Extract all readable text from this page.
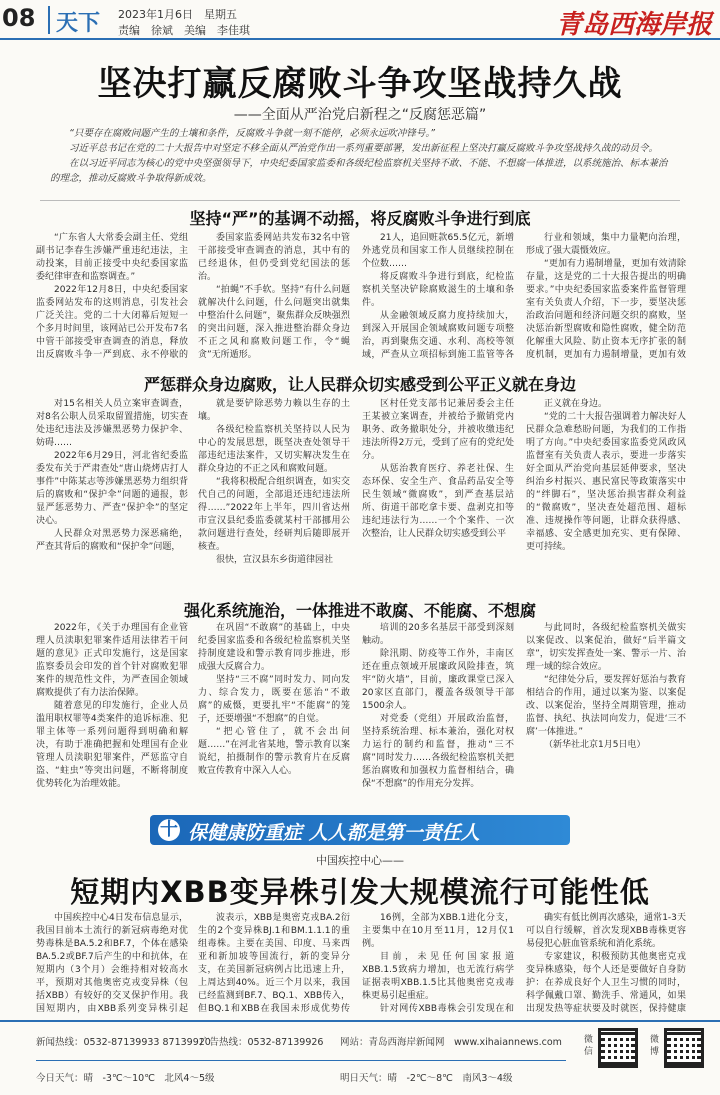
08 天下 2023年1月6日　星期五
责编　徐斌　美编　李佳琪	青岛西海岸报
坚决打赢反腐败斗争攻坚战持久战
——全面从严治党启新程之“反腐惩恶篇”

“只要存在腐败问题产生的土壤和条件，反腐败斗争就一刻不能停，必须永远吹冲锋号。”

习近平总书记在党的二十大报告中对坚定不移全面从严治党作出一系列重要部署，发出新征程上坚决打赢反腐败斗争攻坚战持久战的动员令。

在以习近平同志为核心的党中央坚强领导下，中央纪委国家监委和各级纪检监察机关坚持不敢、不能、不想腐一体推进，以系统施治、标本兼治的理念，推动反腐败斗争取得新成效。

坚持“严”的基调不动摇，将反腐败斗争进行到底

“广东省人大常委会副主任、党组副书记李春生涉嫌严重违纪违法，主动投案，目前正接受中央纪委国家监委纪律审查和监察调查。”

2022年12月8日，中央纪委国家监委网站发布的这则消息，引发社会广泛关注。党的二十大闭幕后短短一个多月时间里，该网站已公开发布7名中管干部接受审查调查的消息，释放出反腐败斗争一严到底、永不停歇的

委国家监委网站共发布32名中管干部接受审查调查的消息，其中有的已经退休，但仍受到党纪国法的惩治。

“拍蝇”不手软。坚持“有什么问题就解决什么问题，什么问题突出就集中整治什么问题”，聚焦群众反映强烈的突出问题，深入推进整治群众身边不正之风和腐败问题工作，令“蝇贪”无所遁形。

21人，追回赃款65.5亿元，新增外逃党员和国家工作人员继续控制在个位数……

将反腐败斗争进行到底，纪检监察机关坚决铲除腐败滋生的土壤和条件。

从金融领域反腐力度持续加大，到深入开展国企领域腐败问题专项整治，再到聚焦交通、水利、高校等领域，严查从立项招标到施工监管等各

行业和领域，集中力量靶向治理，形成了强大震慑效应。

“更加有力遏制增量，更加有效清除存量，这是党的二十大报告提出的明确要求。”中央纪委国家监委案件监督管理室有关负责人介绍，下一步，要坚决惩治政治问题和经济问题交织的腐败，坚决惩治新型腐败和隐性腐败，健全防范化解重大风险、防止资本无序扩张的制度机制，更加有力遏制增量，更加有效

严惩群众身边腐败，让人民群众切实感受到公平正义就在身边

对15名相关人员立案审查调查，对8名公职人员采取留置措施，切实查处违纪违法及涉嫌黑恶势力保护伞、妨碍……

2022年6月29日，河北省纪委监委发布关于严肃查处“唐山烧烤店打人事件”中陈某志等涉嫌黑恶势力组织背后的腐败和“保护伞”问题的通报，彰显严惩恶势力、严查“保护伞”的坚定决心。

人民群众对黑恶势力深恶痛绝，严查其背后的腐败和“保护伞”问题，

就是要铲除恶势力赖以生存的土壤。

各级纪检监察机关坚持以人民为中心的发展思想，既坚决查处领导干部违纪违法案件，又切实解决发生在群众身边的不正之风和腐败问题。

“我将积极配合组织调查，如实交代自己的问题，全部退还违纪违法所得……”2022年上半年，四川省达州市宣汉县纪委监委就某村干部挪用公款问题进行查处，经研判后随即展开核查。

很快，宣汉县东乡街道律园社

区村任党支部书记兼居委会主任王某被立案调查，并被给予撤销党内职务、政务撤职处分，并被收缴违纪违法所得2万元，受到了应有的党纪处分。

从惩治教育医疗、养老社保、生态环保、安全生产、食品药品安全等民生领域“微腐败”，到严查基层站所、街道干部吃拿卡要、盘剥克扣等违纪违法行为……一个个案件、一次次整治，让人民群众切实感受到公平

正义就在身边。

“党的二十大报告强调着力解决好人民群众急难愁盼问题，为我们的工作指明了方向。”中央纪委国家监委党风政风监督室有关负责人表示，要进一步落实好全面从严治党向基层延伸要求，坚决纠治乡村振兴、惠民富民等政策落实中的“绊脚石”，坚决惩治损害群众利益的“微腐败”，坚决查处超范围、超标准、违规操作等问题，让群众获得感、幸福感、安全感更加充实、更有保障、更可持续。

强化系统施治，一体推进不敢腐、不能腐、不想腐

2022年，《关于办理国有企业管理人员渎职犯罪案件适用法律若干问题的意见》正式印发施行，这是国家监察委员会印发的首个针对腐败犯罪案件的规范性文件，为严查国企领域腐败提供了有力法治保障。

随着意见的印发施行，企业人员滥用职权罪等4类案件的追诉标准、犯罪主体等一系列问题得到明确和解决，有助于准确把握和处理国有企业管理人员渎职犯罪案件，严惩监守自盗、“蛀虫”等突出问题，不断将制度优势转化为治理效能。

在巩固“不敢腐”的基础上，中央纪委国家监委和各级纪检监察机关坚持制度建设和警示教育同步推进，形成强大反腐合力。

坚持“三不腐”同时发力、同向发力、综合发力，既要在惩治“不敢腐”的威慑，更要扎牢“不能腐”的笼子，还要增强“不想腐”的自觉。

“把心管住了，就不会出问题……”在河北省某地，警示教育以案说纪，拍摄制作的警示教育片在反腐败宣传教育中深入人心。

培训的20多名基层干部受到深刻触动。

除汛期、防疫等工作外，丰南区还在重点领域开展廉政风险排查，筑牢“防火墙”，目前，廉政课堂已深入20家区直部门，覆盖各级领导干部1500余人。

对党委（党组）开展政治监督，坚持系统治理、标本兼治，强化对权力运行的制约和监督，推动“三不腐”同时发力……各级纪检监察机关把惩治腐败和加强权力监督相结合，确保“不想腐”的作用充分发挥。

与此同时，各级纪检监察机关做实以案促改、以案促治，做好“后半篇文章”，切实发挥查处一案、警示一片、治理一域的综合效应。

“纪律处分后，要发挥好惩治与教育相结合的作用，通过以案为鉴、以案促改、以案促治，坚持全周期管理，推动监督、执纪、执法同向发力，促进‘三不腐’一体推进。”

（新华社北京1月5日电）

十 保健康防重症 人人都是第一责任人
中国疾控中心——
短期内XBB变异株引发大规模流行可能性低

中国疾控中心4日发布信息显示，我国目前本土流行的新冠病毒绝对优势毒株是BA.5.2和BF.7，个体在感染BA.5.2或BF.7后产生的中和抗体，在短期内（3个月）会维持相对较高水平，预期对其他奥密克戎变异株（包括XBB）有较好的交叉保护作用。我国短期内，由XBB系列变异株引起

波表示，XBB是奥密克戎BA.2衍生的2个变异株BJ.1和BM.1.1.1的重组毒株。主要在美国、印度、马来西亚和新加坡等国流行，新的变异分支，在美国新冠病例占比迅速上升，上周达到40%。近三个月以来，我国已经监测到BF.7、BQ.1、XBB传入，但BQ.1和XBB在我国未形成优势传

16例，全部为XBB.1进化分支，主要集中在10月至11月，12月仅1例。

目前，未见任何国家报道XBB.1.5致病力增加，也无流行病学证据表明XBB.1.5比其他奥密克戎毒株更易引起重症。

针对网传XBB毒株会引发现在和

确实有低比例再次感染，通常1-3天可以自行缓解，首次发现XBB毒株更容易侵犯心脏血管系统和消化系统。

专家建议，积极预防其他奥密克戎变异株感染，每个人还是要做好自身防护：在养成良好个人卫生习惯的同时，科学佩戴口罩、勤洗手、常通风，如果出现发热等症状要及时就医，保持健康

新闻热线：0532-87139933 87139920
广告热线：0532-87139926 网站：青岛西海岸新闻网　www.xihaiannews.com
今日天气：晴　-3℃～10℃　北风4～5级	明日天气：晴　-2℃～8℃　南风3～4级
微信
微博
